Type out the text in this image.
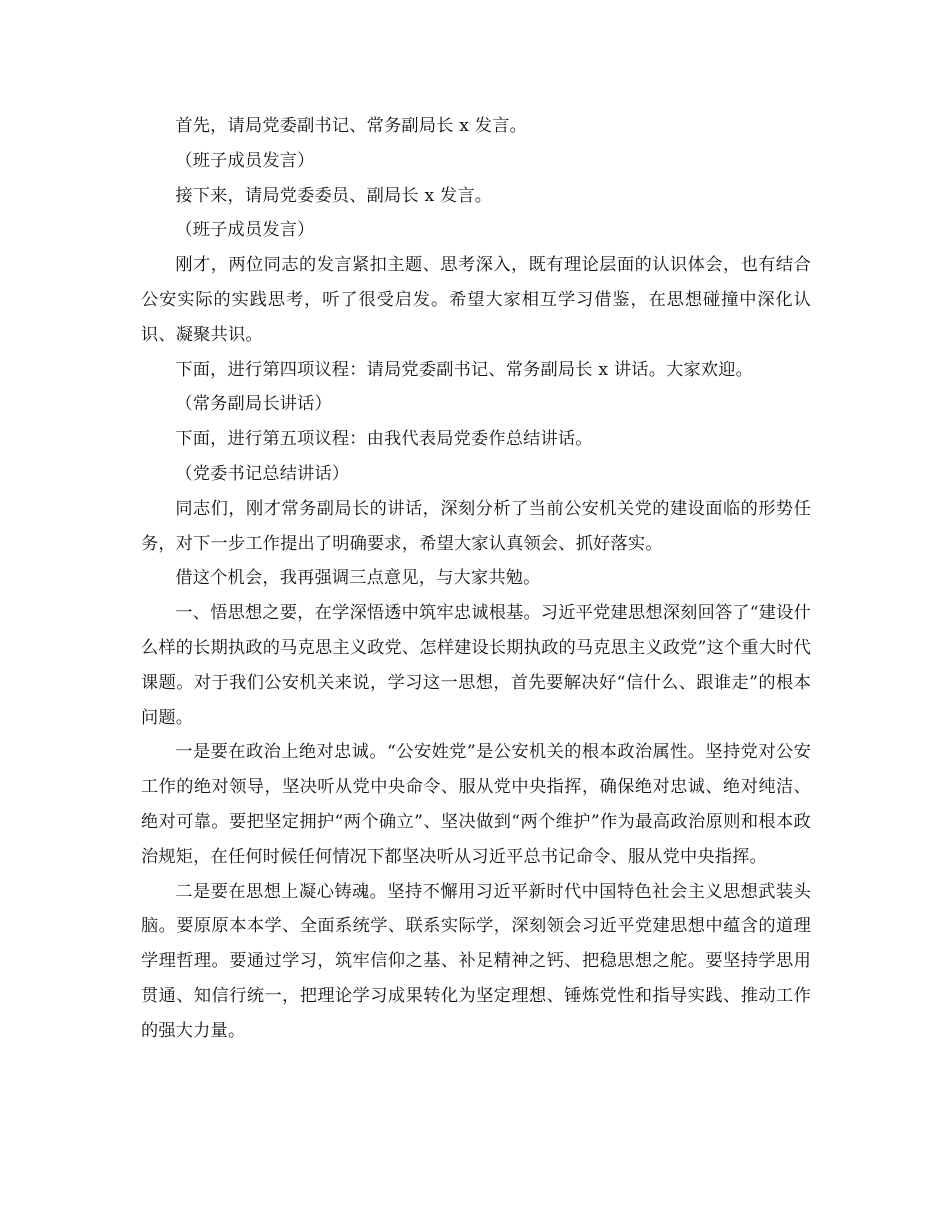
首先，请局党委副书记、常务副局长 x 发言。

（班子成员发言）

接下来，请局党委委员、副局长 x 发言。

（班子成员发言）

刚才，两位同志的发言紧扣主题、思考深入，既有理论层面的认识体会，也有结合公安实际的实践思考，听了很受启发。希望大家相互学习借鉴，在思想碰撞中深化认识、凝聚共识。

下面，进行第四项议程：请局党委副书记、常务副局长 x 讲话。大家欢迎。

（常务副局长讲话）

下面，进行第五项议程：由我代表局党委作总结讲话。

（党委书记总结讲话）

同志们，刚才常务副局长的讲话，深刻分析了当前公安机关党的建设面临的形势任务，对下一步工作提出了明确要求，希望大家认真领会、抓好落实。

借这个机会，我再强调三点意见，与大家共勉。

一、悟思想之要，在学深悟透中筑牢忠诚根基。习近平党建思想深刻回答了“建设什么样的长期执政的马克思主义政党、怎样建设长期执政的马克思主义政党”这个重大时代课题。对于我们公安机关来说，学习这一思想，首先要解决好“信什么、跟谁走”的根本问题。

一是要在政治上绝对忠诚。“公安姓党”是公安机关的根本政治属性。坚持党对公安工作的绝对领导，坚决听从党中央命令、服从党中央指挥，确保绝对忠诚、绝对纯洁、绝对可靠。要把坚定拥护“两个确立”、坚决做到“两个维护”作为最高政治原则和根本政治规矩，在任何时候任何情况下都坚决听从习近平总书记命令、服从党中央指挥。

二是要在思想上凝心铸魂。坚持不懈用习近平新时代中国特色社会主义思想武装头脑。要原原本本学、全面系统学、联系实际学，深刻领会习近平党建思想中蕴含的道理学理哲理。要通过学习，筑牢信仰之基、补足精神之钙、把稳思想之舵。要坚持学思用贯通、知信行统一，把理论学习成果转化为坚定理想、锤炼党性和指导实践、推动工作的强大力量。
